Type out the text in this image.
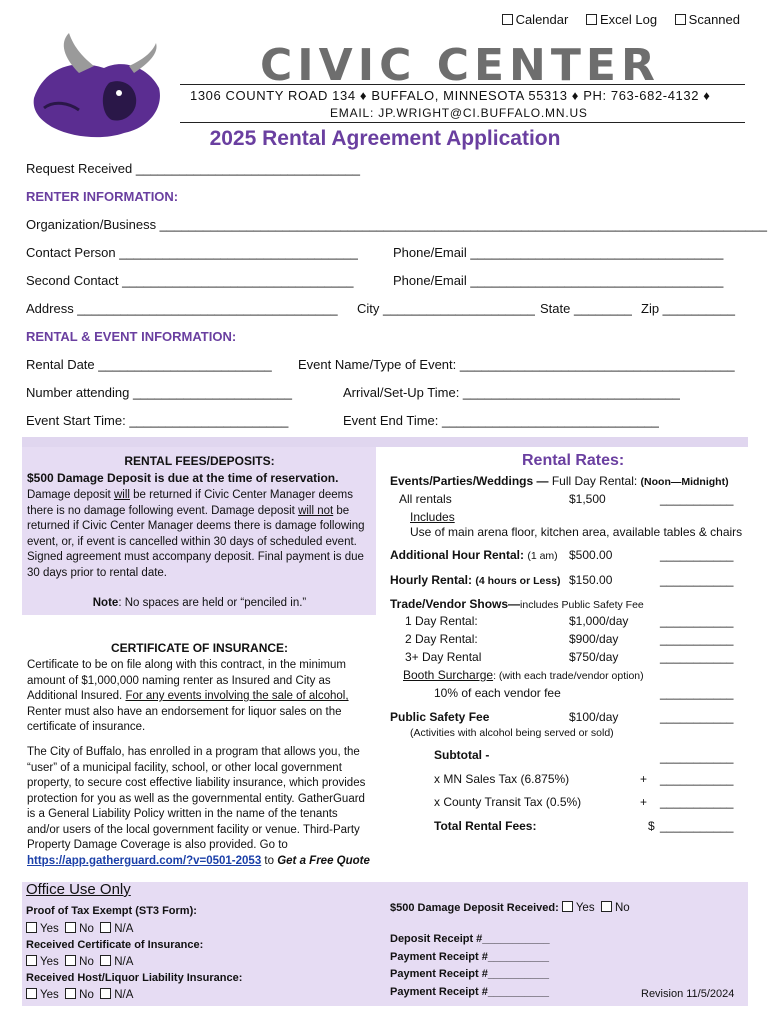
Calendar Excel Log Scanned
CIVIC CENTER
1306 COUNTY ROAD 134 ♦ BUFFALO, MINNESOTA 55313 ♦ PH: 763-682-4132 ♦
EMAIL: JP.WRIGHT@CI.BUFFALO.MN.US
2025 Rental Agreement Application
Request Received _______________________________
RENTER INFORMATION:
Organization/Business ____________________________________________________________________________________
Contact Person _________________________________	Phone/Email ___________________________________
Second Contact ________________________________	Phone/Email ___________________________________
Address ____________________________________ City _____________________ State ________ Zip __________
RENTAL & EVENT INFORMATION:
Rental Date ________________________ Event Name/Type of Event: ______________________________________
Number attending ______________________	Arrival/Set-Up Time: ______________________________
Event Start Time: ______________________	Event End Time: ______________________________
RENTAL FEES/DEPOSITS:
$500 Damage Deposit is due at the time of reservation.
Damage deposit will be returned if Civic Center Manager deems there is no damage following event. Damage deposit will not be returned if Civic Center Manager deems there is damage following event, or, if event is cancelled within 30 days of scheduled event. Signed agreement must accompany deposit. Final payment is due 30 days prior to rental date.
Note: No spaces are held or “penciled in.”
CERTIFICATE OF INSURANCE:
Certificate to be on file along with this contract, in the minimum amount of $1,000,000 naming renter as Insured and City as Additional Insured. For any events involving the sale of alcohol, Renter must also have an endorsement for liquor sales on the certificate of insurance.
The City of Buffalo, has enrolled in a program that allows you, the “user” of a municipal facility, school, or other local government property, to secure cost effective liability insurance, which provides protection for you as well as the governmental entity. GatherGuard is a General Liability Policy written in the name of the tenants and/or users of the local government facility or venue. Third-Party Property Damage Coverage is also provided. Go to
https://app.gatherguard.com/?v=0501-2053 to Get a Free Quote
Rental Rates:
Events/Parties/Weddings — Full Day Rental: (Noon—Midnight)
All rentals	$1,500	___________
Includes
Use of main arena floor, kitchen area, available tables & chairs
Additional Hour Rental: (1 am) $500.00	___________
Hourly Rental: (4 hours or Less) $150.00	___________
Trade/Vendor Shows—includes Public Safety Fee
1 Day Rental:	$1,000/day	___________
2 Day Rental:	$900/day	___________
3+ Day Rental	$750/day	___________
Booth Surcharge: (with each trade/vendor option)
10% of each vendor fee	___________
Public Safety Fee	$100/day	___________
(Activities with alcohol being served or sold)
Subtotal -	___________
x MN Sales Tax (6.875%)	+ ___________
x County Transit Tax (0.5%)	+ ___________
Total Rental Fees:	$ ___________
Office Use Only
Proof of Tax Exempt (ST3 Form):
Yes No N/A
Received Certificate of Insurance:
Yes No N/A
Received Host/Liquor Liability Insurance:
Yes No N/A
$500 Damage Deposit Received: Yes No
Deposit Receipt #___________
Payment Receipt #__________
Payment Receipt #__________
Payment Receipt #__________	Revision 11/5/2024
